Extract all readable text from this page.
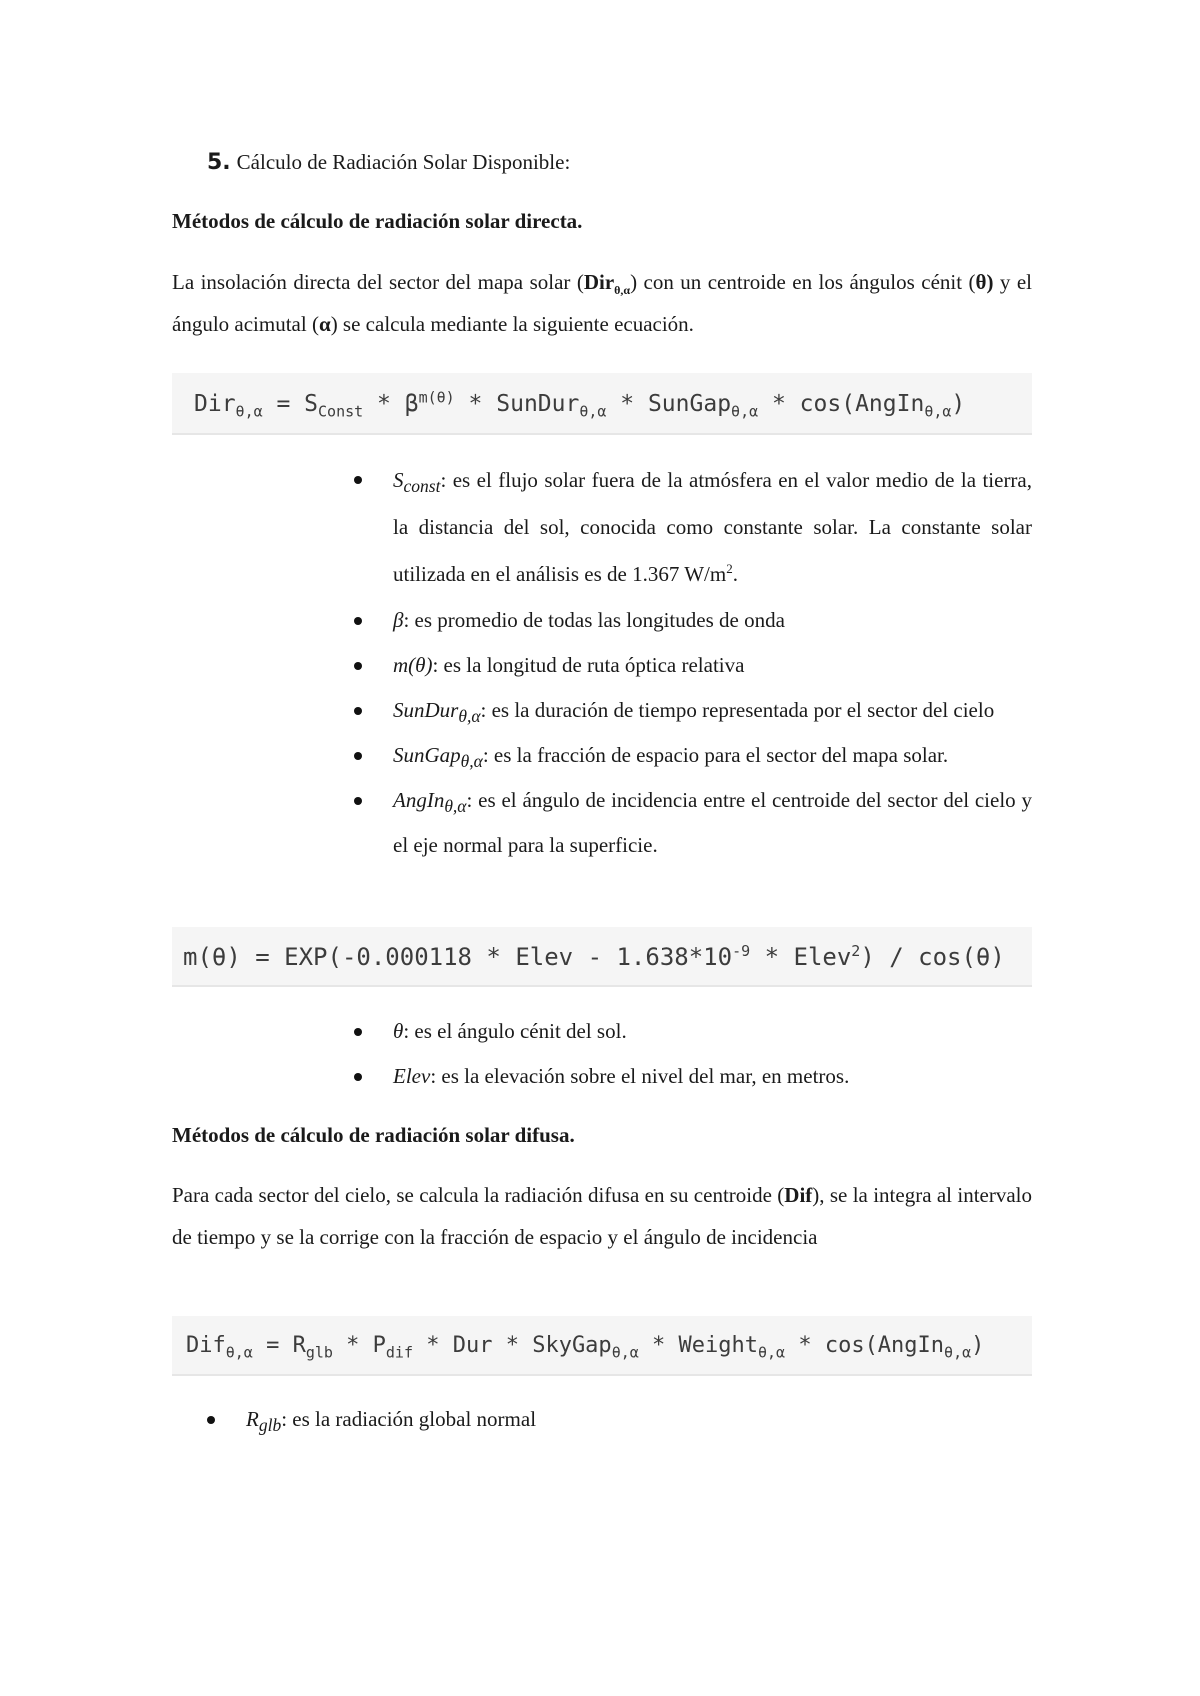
5. Cálculo de Radiación Solar Disponible:

Métodos de cálculo de radiación solar directa.

La insolación directa del sector del mapa solar (Dir$_{\theta,\alpha}$) con un centroide en los ángulos cénit (θ) y el ángulo acimutal (α) se calcula mediante la siguiente ecuación.

$Dir_{\theta,\alpha} = S_{Const} * \beta^{m(\theta)}$ * SunDur$_{\theta,\alpha}$ * SunGap$_{\theta,\alpha}$ * cos(AngIn$_{\theta,\alpha}$)
$S_{const}$: es el flujo solar fuera de la atmósfera en el valor medio de la tierra, la distancia del sol, conocida como constante solar. La constante solar utilizada en el análisis es de 1.367 $W/m^2$.
β: es promedio de todas las longitudes de onda
m(θ): es la longitud de ruta óptica relativa
SunDur$_{\theta,\alpha}$: es la duración de tiempo representada por el sector del cielo
SunGap$_{\theta,\alpha}$: es la fracción de espacio para el sector del mapa solar.
AngIn$_{\theta,\alpha}$: es el ángulo de incidencia entre el centroide del sector del cielo y el eje normal para la superficie.
m(θ) = EXP(-0.000118 * Elev - $1.638*10^{-9}$ * Elev$^2$) / cos(θ)
θ: es el ángulo cénit del sol.
Elev: es la elevación sobre el nivel del mar, en metros.

Métodos de cálculo de radiación solar difusa.

Para cada sector del cielo, se calcula la radiación difusa en su centroide (Dif), se la integra al intervalo de tiempo y se la corrige con la fracción de espacio y el ángulo de incidencia

$Dif_{\theta,\alpha} = R_{glb} * P_{dif}$ * Dur * SkyGap$_{\theta,\alpha}$ * Weight$_{\theta,\alpha}$ * cos(AngIn$_{\theta,\alpha}$)
$R_{glb}$: es la radiación global normal
